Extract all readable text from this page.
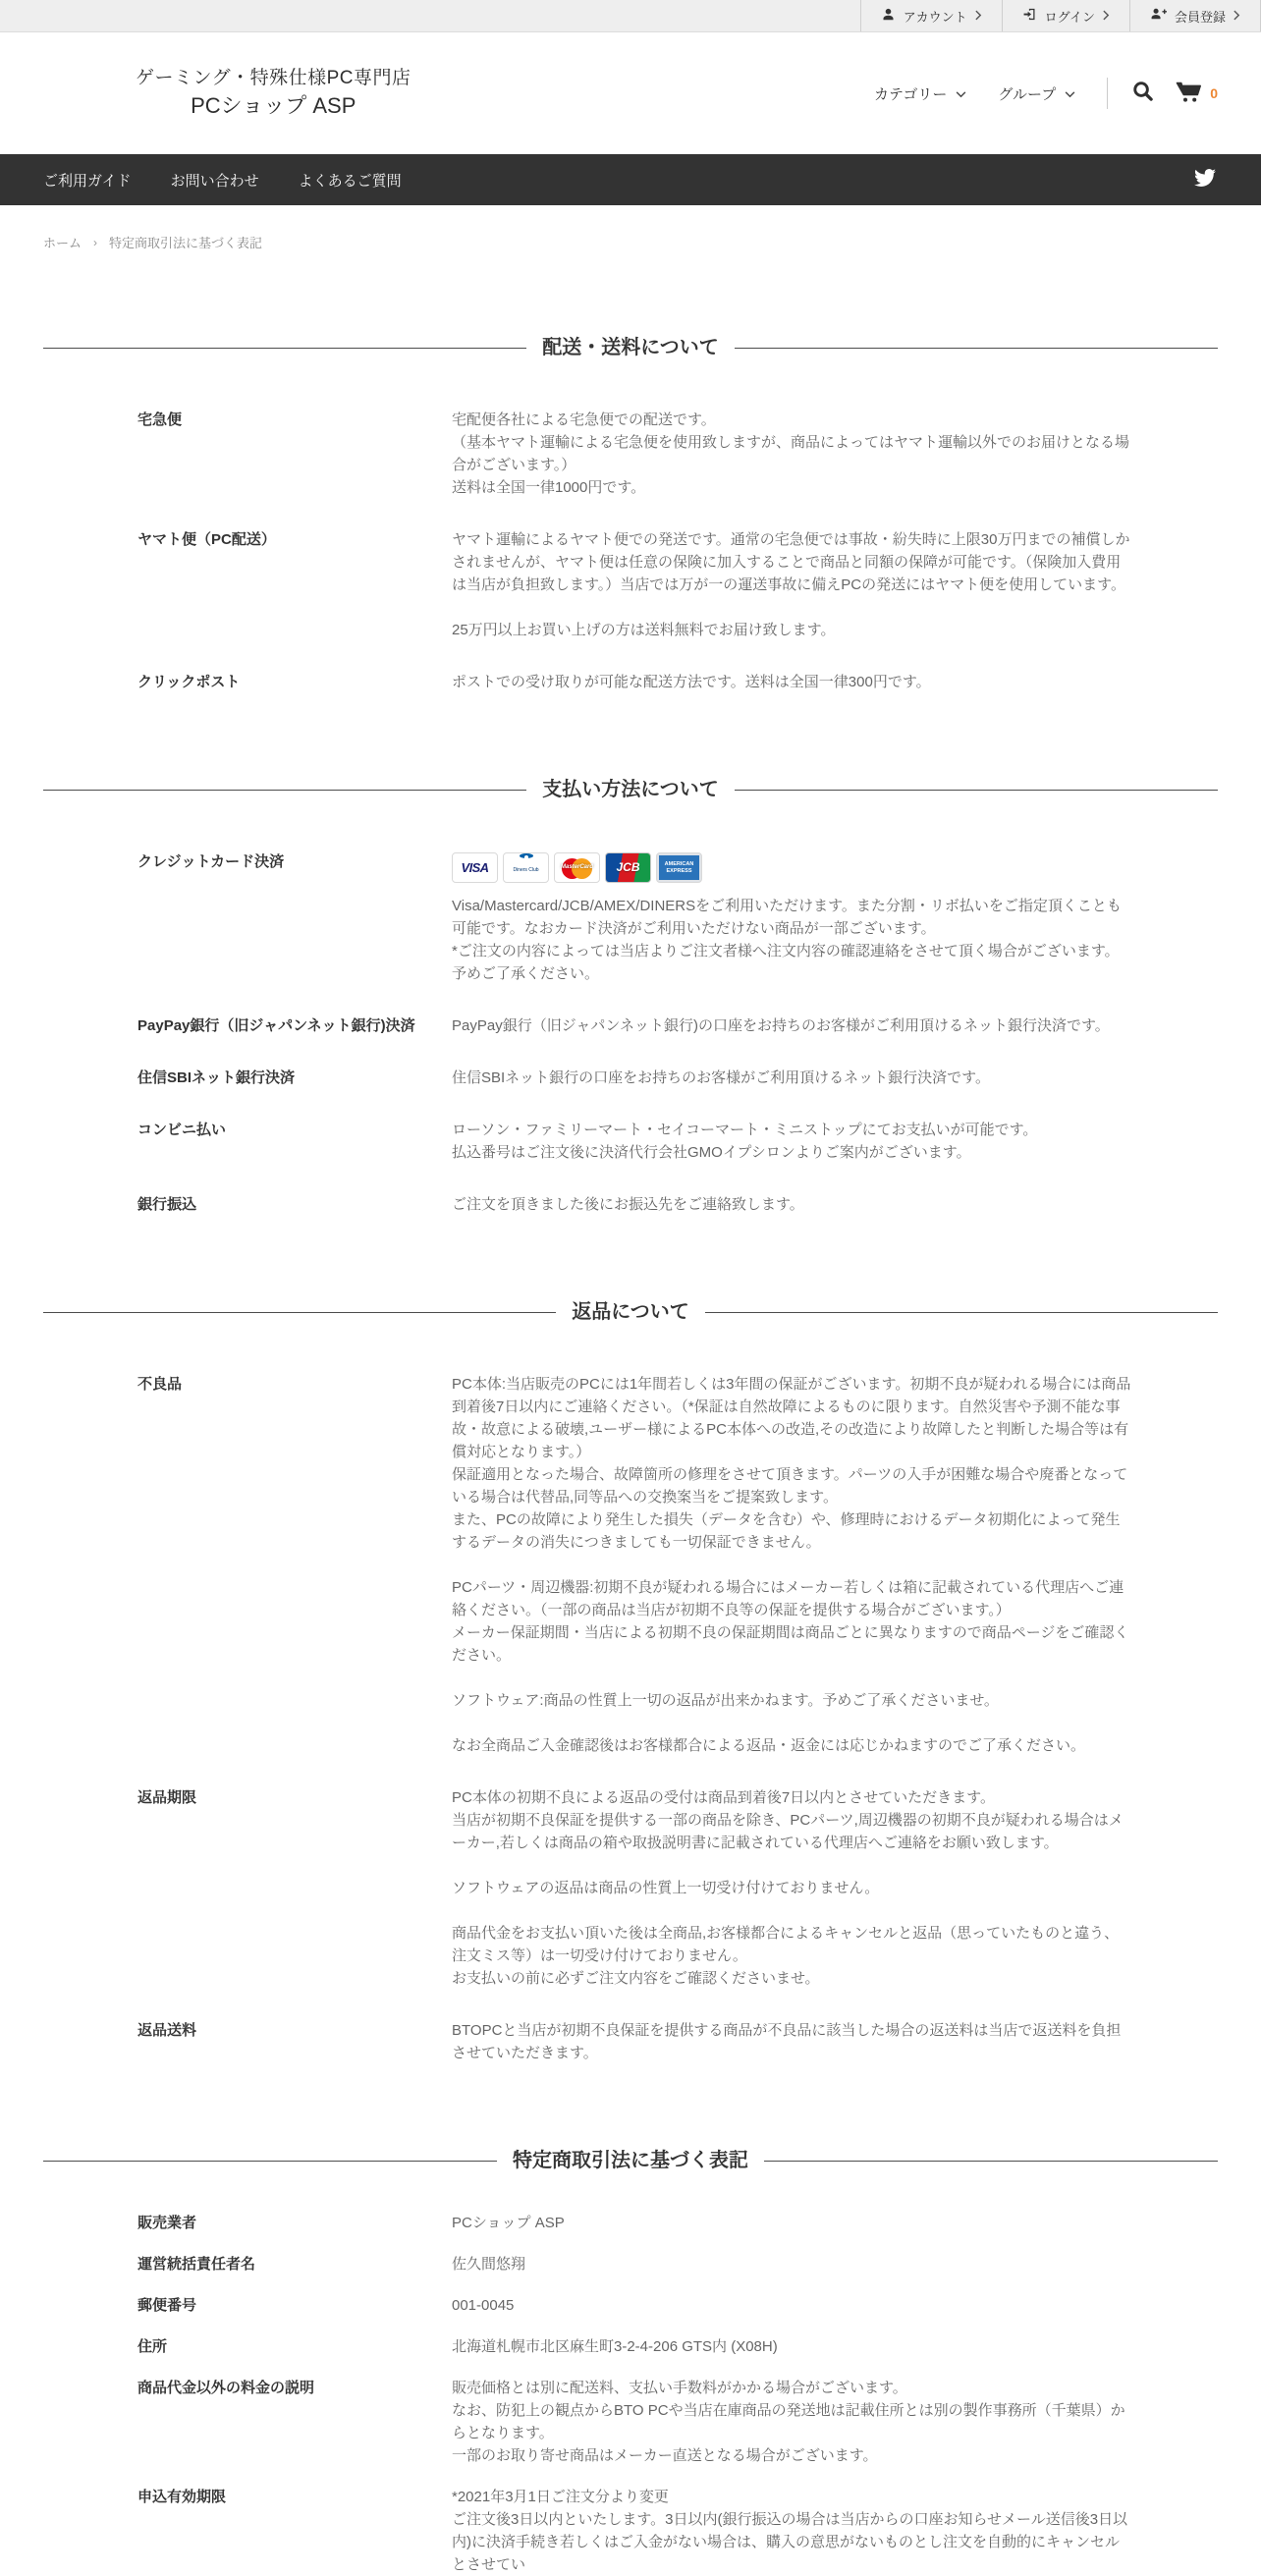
アカウント	ログイン	会員登録
ゲーミング・特殊仕様PC専門店
PCショップ ASP	カテゴリー	グループ	0
ご利用ガイド	お問い合わせ	よくあるご質問
ホーム › 特定商取引法に基づく表記
配送・送料について
宅急便	宅配便各社による宅急便での配送です。
（基本ヤマト運輸による宅急便を使用致しますが、商品によってはヤマト運輸以外でのお届けとなる場合がございます。）
送料は全国一律1000円です。

ヤマト便（PC配送）	ヤマト運輸によるヤマト便での発送です。通常の宅急便では事故・紛失時に上限30万円までの補償しかされませんが、ヤマト便は任意の保険に加入することで商品と同額の保障が可能です。（保険加入費用は当店が負担致します。）当店では万が一の運送事故に備えPCの発送にはヤマト便を使用しています。

25万円以上お買い上げの方は送料無料でお届け致します。

クリックポスト	ポストでの受け取りが可能な配送方法です。送料は全国一律300円です。

支払い方法について
クレジットカード決済	VISA	Diners Club	MasterCard JCB	AMERICAN EXPRESS

Visa/Mastercard/JCB/AMEX/DINERSをご利用いただけます。また分割・リボ払いをご指定頂くことも可能です。なおカード決済がご利用いただけない商品が一部ございます。
*ご注文の内容によっては当店よりご注文者様へ注文内容の確認連絡をさせて頂く場合がございます。予めご了承ください。

PayPay銀行（旧ジャパンネット銀行)決済	PayPay銀行（旧ジャパンネット銀行)の口座をお持ちのお客様がご利用頂けるネット銀行決済です。

住信SBIネット銀行決済	住信SBIネット銀行の口座をお持ちのお客様がご利用頂けるネット銀行決済です。

コンビニ払い	ローソン・ファミリーマート・セイコーマート・ミニストップにてお支払いが可能です。
払込番号はご注文後に決済代行会社GMOイプシロンよりご案内がございます。

銀行振込	ご注文を頂きました後にお振込先をご連絡致します。

返品について
不良品	PC本体:当店販売のPCには1年間若しくは3年間の保証がございます。初期不良が疑われる場合には商品到着後7日以内にご連絡ください。（*保証は自然故障によるものに限ります。自然災害や予測不能な事故・故意による破壊,ユーザー様によるPC本体への改造,その改造により故障したと判断した場合等は有償対応となります。）
保証適用となった場合、故障箇所の修理をさせて頂きます。パーツの入手が困難な場合や廃番となっている場合は代替品,同等品への交換案当をご提案致します。
また、PCの故障により発生した損失（データを含む）や、修理時におけるデータ初期化によって発生するデータの消失につきましても一切保証できません。

PCパーツ・周辺機器:初期不良が疑われる場合にはメーカー若しくは箱に記載されている代理店へご連絡ください。（一部の商品は当店が初期不良等の保証を提供する場合がございます。）
メーカー保証期間・当店による初期不良の保証期間は商品ごとに異なりますので商品ページをご確認ください。

ソフトウェア:商品の性質上一切の返品が出来かねます。予めご了承くださいませ。

なお全商品ご入金確認後はお客様都合による返品・返金には応じかねますのでご了承ください。

返品期限	PC本体の初期不良による返品の受付は商品到着後7日以内とさせていただきます。
当店が初期不良保証を提供する一部の商品を除き、PCパーツ,周辺機器の初期不良が疑われる場合はメーカー,若しくは商品の箱や取扱説明書に記載されている代理店へご連絡をお願い致します。

ソフトウェアの返品は商品の性質上一切受け付けておりません。

商品代金をお支払い頂いた後は全商品,お客様都合によるキャンセルと返品（思っていたものと違う、注文ミス等）は一切受け付けておりません。
お支払いの前に必ずご注文内容をご確認くださいませ。

返品送料	BTOPCと当店が初期不良保証を提供する商品が不良品に該当した場合の返送料は当店で返送料を負担させていただきます。

特定商取引法に基づく表記
販売業者	PCショップ ASP

運営統括責任者名	佐久間悠翔

郵便番号	001-0045

住所	北海道札幌市北区麻生町3-2-4-206 GTS内 (X08H)

商品代金以外の料金の説明	販売価格とは別に配送料、支払い手数料がかかる場合がございます。
なお、防犯上の観点からBTO PCや当店在庫商品の発送地は記載住所とは別の製作事務所（千葉県）からとなります。
一部のお取り寄せ商品はメーカー直送となる場合がございます。

申込有効期限	*2021年3月1日ご注文分より変更
ご注文後3日以内といたします。3日以内(銀行振込の場合は当店からの口座お知らせメール送信後3日以内)に決済手続き若しくはご入金がない場合は、購入の意思がないものとし注文を自動的にキャンセルとさせてい
